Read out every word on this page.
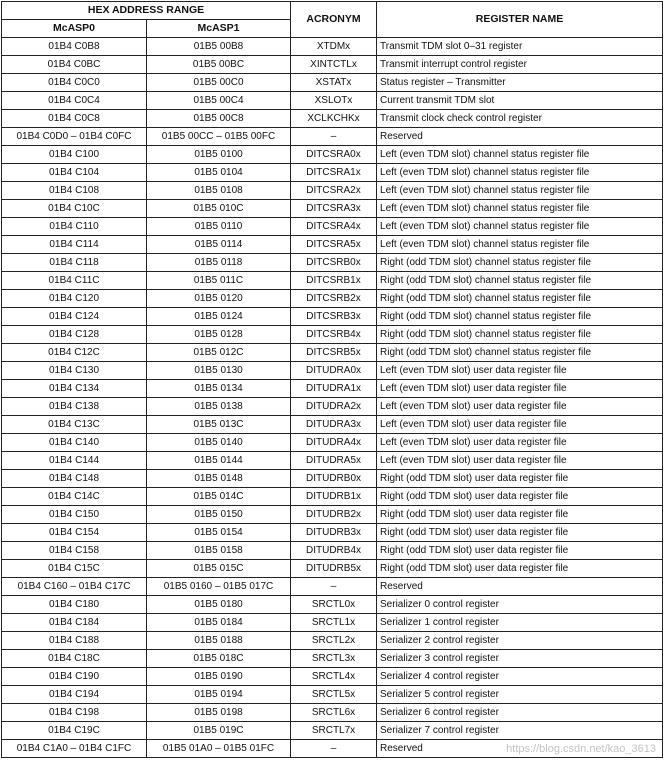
HEX ADDRESS RANGE		ACRONYM	REGISTER NAME
McASP0	McASP1		
01B4 C0B8	01B5 00B8	XTDMx	Transmit TDM slot 0–31 register
01B4 C0BC	01B5 00BC	XINTCTLx	Transmit interrupt control register
01B4 C0C0	01B5 00C0	XSTATx	Status register – Transmitter
01B4 C0C4	01B5 00C4	XSLOTx	Current transmit TDM slot
01B4 C0C8	01B5 00C8	XCLKCHKx	Transmit clock check control register
01B4 C0D0 – 01B4 C0FC	01B5 00CC – 01B5 00FC	–	Reserved
01B4 C100	01B5 0100	DITCSRA0x	Left (even TDM slot) channel status register file
01B4 C104	01B5 0104	DITCSRA1x	Left (even TDM slot) channel status register file
01B4 C108	01B5 0108	DITCSRA2x	Left (even TDM slot) channel status register file
01B4 C10C	01B5 010C	DITCSRA3x	Left (even TDM slot) channel status register file
01B4 C110	01B5 0110	DITCSRA4x	Left (even TDM slot) channel status register file
01B4 C114	01B5 0114	DITCSRA5x	Left (even TDM slot) channel status register file
01B4 C118	01B5 0118	DITCSRB0x	Right (odd TDM slot) channel status register file
01B4 C11C	01B5 011C	DITCSRB1x	Right (odd TDM slot) channel status register file
01B4 C120	01B5 0120	DITCSRB2x	Right (odd TDM slot) channel status register file
01B4 C124	01B5 0124	DITCSRB3x	Right (odd TDM slot) channel status register file
01B4 C128	01B5 0128	DITCSRB4x	Right (odd TDM slot) channel status register file
01B4 C12C	01B5 012C	DITCSRB5x	Right (odd TDM slot) channel status register file
01B4 C130	01B5 0130	DITUDRA0x	Left (even TDM slot) user data register file
01B4 C134	01B5 0134	DITUDRA1x	Left (even TDM slot) user data register file
01B4 C138	01B5 0138	DITUDRA2x	Left (even TDM slot) user data register file
01B4 C13C	01B5 013C	DITUDRA3x	Left (even TDM slot) user data register file
01B4 C140	01B5 0140	DITUDRA4x	Left (even TDM slot) user data register file
01B4 C144	01B5 0144	DITUDRA5x	Left (even TDM slot) user data register file
01B4 C148	01B5 0148	DITUDRB0x	Right (odd TDM slot) user data register file
01B4 C14C	01B5 014C	DITUDRB1x	Right (odd TDM slot) user data register file
01B4 C150	01B5 0150	DITUDRB2x	Right (odd TDM slot) user data register file
01B4 C154	01B5 0154	DITUDRB3x	Right (odd TDM slot) user data register file
01B4 C158	01B5 0158	DITUDRB4x	Right (odd TDM slot) user data register file
01B4 C15C	01B5 015C	DITUDRB5x	Right (odd TDM slot) user data register file
01B4 C160 – 01B4 C17C	01B5 0160 – 01B5 017C	–	Reserved
01B4 C180	01B5 0180	SRCTL0x	Serializer 0 control register
01B4 C184	01B5 0184	SRCTL1x	Serializer 1 control register
01B4 C188	01B5 0188	SRCTL2x	Serializer 2 control register
01B4 C18C	01B5 018C	SRCTL3x	Serializer 3 control register
01B4 C190	01B5 0190	SRCTL4x	Serializer 4 control register
01B4 C194	01B5 0194	SRCTL5x	Serializer 5 control register
01B4 C198	01B5 0198	SRCTL6x	Serializer 6 control register
01B4 C19C	01B5 019C	SRCTL7x	Serializer 7 control register
01B4 C1A0 – 01B4 C1FC	01B5 01A0 – 01B5 01FC	–	Reserved	https://blog.csdn.net/kao_3613
